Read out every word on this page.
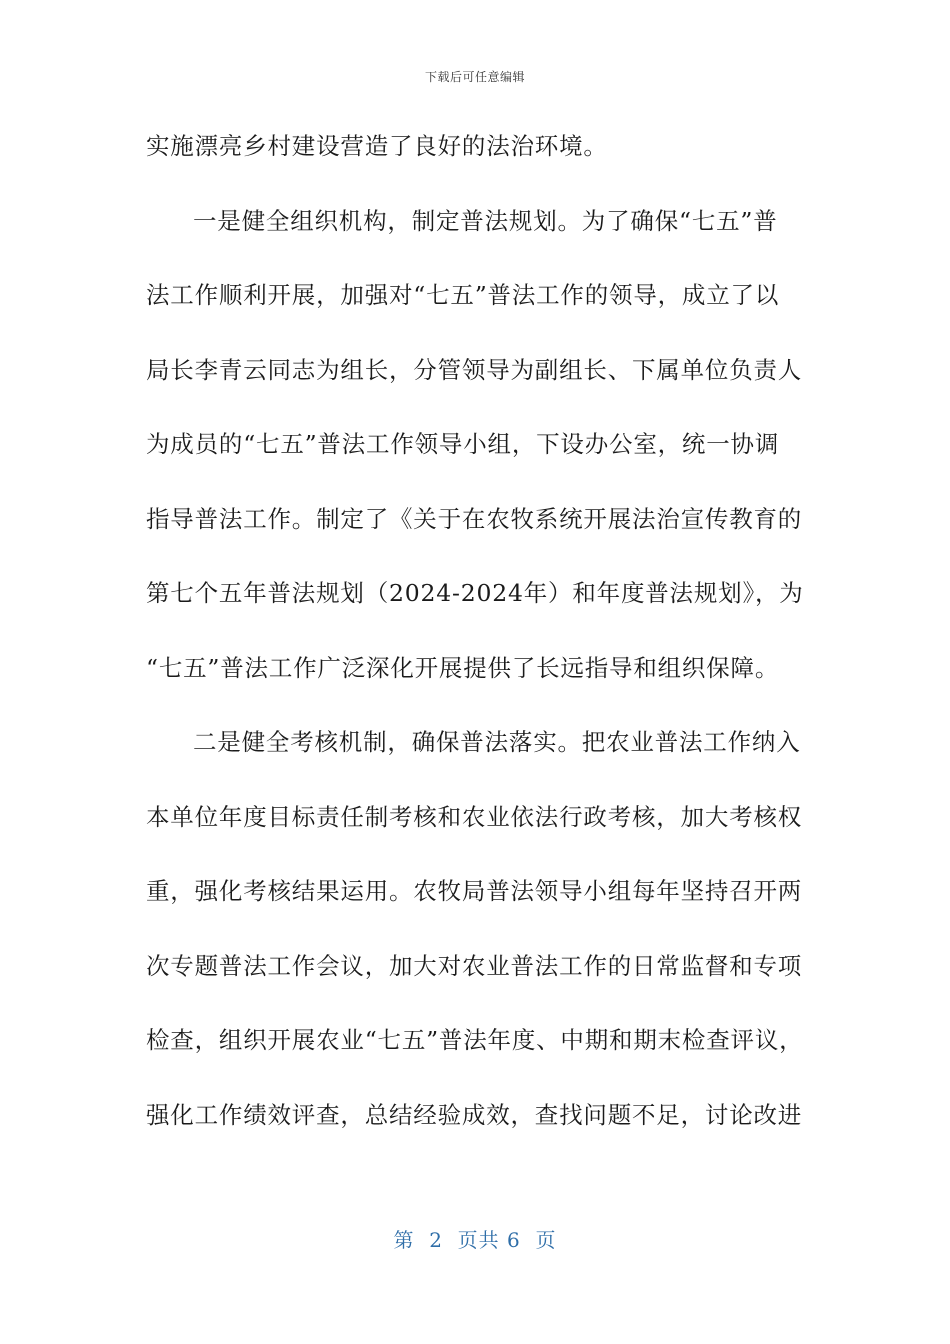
下载后可任意编辑
实施漂亮乡村建设营造了良好的法治环境。
一是健全组织机构，制定普法规划。为了确保“七五”普
法工作顺利开展，加强对“七五”普法工作的领导，成立了以
局长李青云同志为组长，分管领导为副组长、下属单位负责人
为成员的“七五”普法工作领导小组，下设办公室，统一协调
指导普法工作。制定了《关于在农牧系统开展法治宣传教育的
第七个五年普法规划（2024-2024年）和年度普法规划》，为
“七五”普法工作广泛深化开展提供了长远指导和组织保障。
二是健全考核机制，确保普法落实。把农业普法工作纳入
本单位年度目标责任制考核和农业依法行政考核，加大考核权
重，强化考核结果运用。农牧局普法领导小组每年坚持召开两
次专题普法工作会议，加大对农业普法工作的日常监督和专项
检查，组织开展农业“七五”普法年度、中期和期末检查评议，
强化工作绩效评查，总结经验成效，查找问题不足，讨论改进
第  2  页共 6  页
